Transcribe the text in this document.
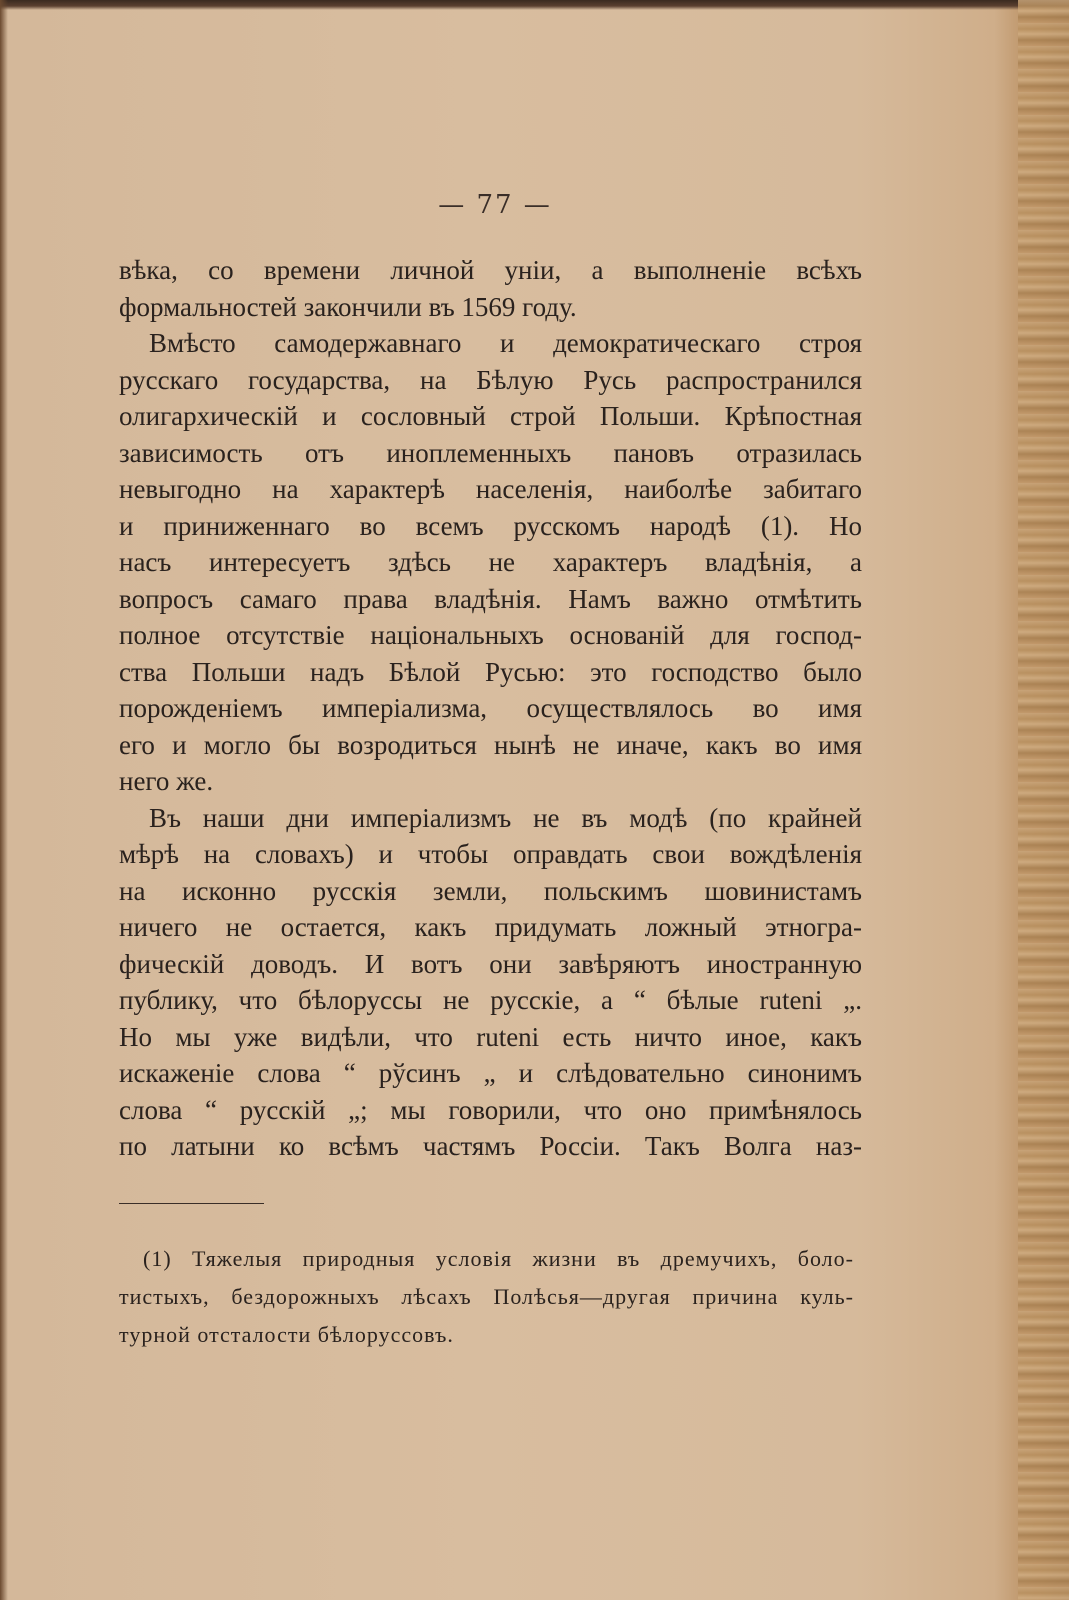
— 77 —
вѣка, со времени личной уніи, а выполненіе всѣхъ
формальностей закончили въ 1569 году.
Вмѣсто самодержавнаго и демократическаго строя
русскаго государства, на Бѣлую Русь распространился
олигархическій и сословный строй Польши. Крѣпостная
зависимость отъ иноплеменныхъ пановъ отразилась
невыгодно на характерѣ населенія, наиболѣе забитаго
и приниженнаго во всемъ русскомъ народѣ (1). Но
насъ интересуетъ здѣсь не характеръ владѣнія, а
вопросъ самаго права владѣнія. Намъ важно отмѣтить
полное отсутствіе національныхъ основаній для господ-
ства Польши надъ Бѣлой Русью: это господство было
порожденіемъ имперіализма, осуществлялось во имя
его и могло бы возродиться нынѣ не иначе, какъ во имя
него же.
Въ наши дни имперіализмъ не въ модѣ (по крайней
мѣрѣ на словахъ) и чтобы оправдать свои вождѣленія
на исконно русскія земли, польскимъ шовинистамъ
ничего не остается, какъ придумать ложный этногра-
фическій доводъ. И вотъ они завѣряютъ иностранную
публику, что бѣлоруссы не русскіе, а “ бѣлые rutеni „.
Но мы уже видѣли, что rutеni есть ничто иное, какъ
искаженіе слова “ рўсинъ „ и слѣдовательно синонимъ
слова “ русскій „; мы говорили, что оно примѣнялось
по латыни ко всѣмъ частямъ Россіи. Такъ Волга наз-
(1) Тяжелыя природныя условія жизни въ дремучихъ, боло-
тистыхъ, бездорожныхъ лѣсахъ Полѣсья—другая причина куль-
турной отсталости бѣлоруссовъ.
